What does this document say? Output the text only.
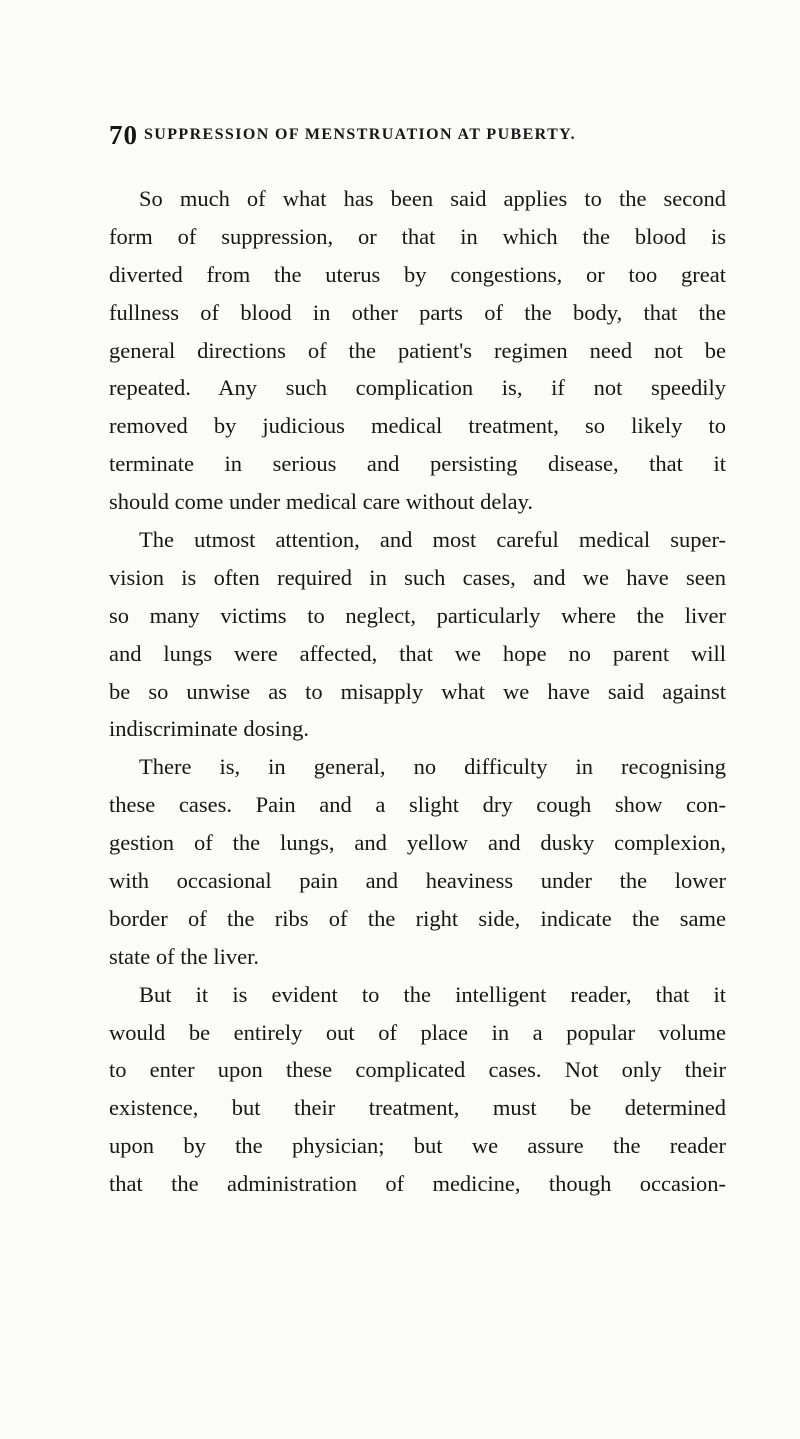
70 SUPPRESSION OF MENSTRUATION AT PUBERTY.
So much of what has been said applies to the second
form of suppression, or that in which the blood is
diverted from the uterus by congestions, or too great
fullness of blood in other parts of the body, that the
general directions of the patient's regimen need not be
repeated. Any such complication is, if not speedily
removed by judicious medical treatment, so likely to
terminate in serious and persisting disease, that it
should come under medical care without delay.
The utmost attention, and most careful medical super-
vision is often required in such cases, and we have seen
so many victims to neglect, particularly where the liver
and lungs were affected, that we hope no parent will
be so unwise as to misapply what we have said against
indiscriminate dosing.
There is, in general, no difficulty in recognising
these cases. Pain and a slight dry cough show con-
gestion of the lungs, and yellow and dusky complexion,
with occasional pain and heaviness under the lower
border of the ribs of the right side, indicate the same
state of the liver.
But it is evident to the intelligent reader, that it
would be entirely out of place in a popular volume
to enter upon these complicated cases. Not only their
existence, but their treatment, must be determined
upon by the physician; but we assure the reader
that the administration of medicine, though occasion-
